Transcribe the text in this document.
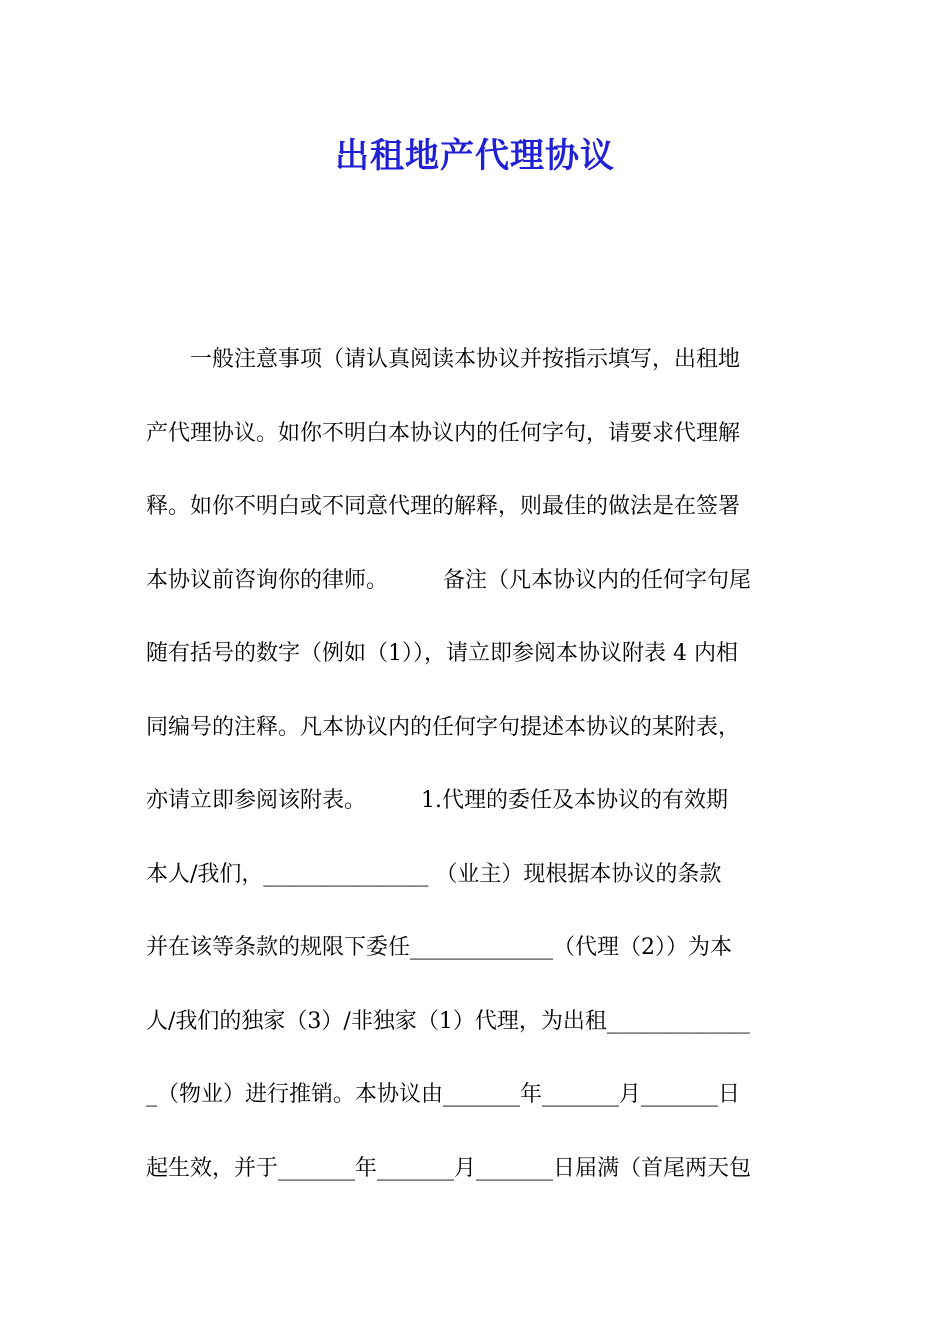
出租地产代理协议
　　一般注意事项（请认真阅读本协议并按指示填写，出租地
产代理协议。如你不明白本协议内的任何字句，请要求代理解
释。如你不明白或不同意代理的解释，则最佳的做法是在签署
本协议前咨询你的律师。　　　备注（凡本协议内的任何字句尾
随有括号的数字（例如（1）），请立即参阅本协议附表 4 内相
同编号的注释。凡本协议内的任何字句提述本协议的某附表，
亦请立即参阅该附表。　　　1.代理的委任及本协议的有效期
本人/我们，_______________ （业主）现根据本协议的条款
并在该等条款的规限下委任_____________（代理（2））为本
人/我们的独家（3）/非独家（1）代理，为出租_____________
_（物业）进行推销。本协议由_______年_______月_______日
起生效，并于_______年_______月_______日届满（首尾两天包
